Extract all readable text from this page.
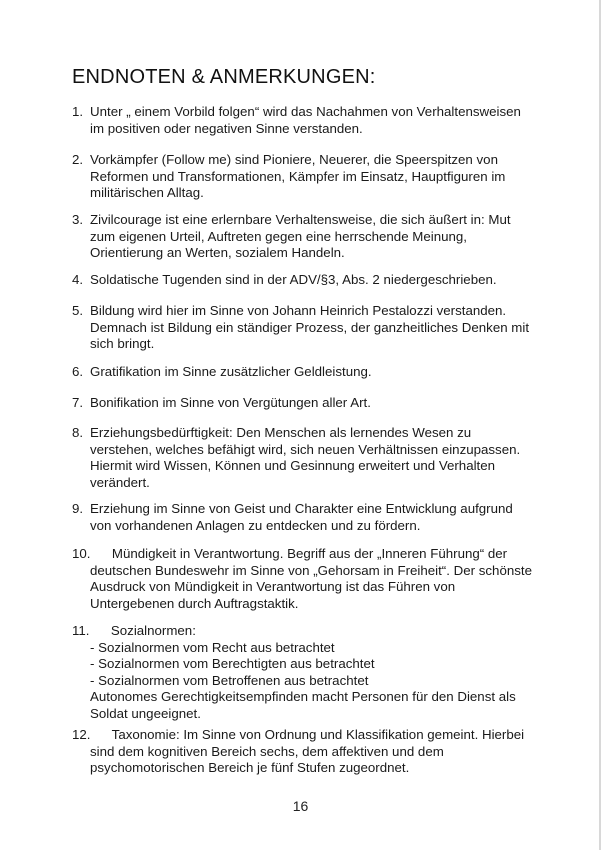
ENDNOTEN & ANMERKUNGEN:
1. Unter „ einem Vorbild folgen“ wird das Nachahmen von Verhaltensweisen
im positiven oder negativen Sinne verstanden.
2. Vorkämpfer (Follow me) sind Pioniere, Neuerer, die Speerspitzen von
Reformen und Transformationen, Kämpfer im Einsatz, Hauptfiguren im
militärischen Alltag.
3. Zivilcourage ist eine erlernbare Verhaltensweise, die sich äußert in: Mut
zum eigenen Urteil, Auftreten gegen eine herrschende Meinung,
Orientierung an Werten, sozialem Handeln.
4. Soldatische Tugenden sind in der ADV/§3, Abs. 2 niedergeschrieben.
5. Bildung wird hier im Sinne von Johann Heinrich Pestalozzi verstanden.
Demnach ist Bildung ein ständiger Prozess, der ganzheitliches Denken mit
sich bringt.
6. Gratifikation im Sinne zusätzlicher Geldleistung.
7. Bonifikation im Sinne von Vergütungen aller Art.
8. Erziehungsbedürftigkeit: Den Menschen als lernendes Wesen zu
verstehen, welches befähigt wird, sich neuen Verhältnissen einzupassen.
Hiermit wird Wissen, Können und Gesinnung erweitert und Verhalten
verändert.
9. Erziehung im Sinne von Geist und Charakter eine Entwicklung aufgrund
von vorhandenen Anlagen zu entdecken und zu fördern.
10. Mündigkeit in Verantwortung. Begriff aus der „Inneren Führung“ der
deutschen Bundeswehr im Sinne von „Gehorsam in Freiheit“. Der schönste
Ausdruck von Mündigkeit in Verantwortung ist das Führen von
Untergebenen durch Auftragstaktik.
11. Sozialnormen:
- Sozialnormen vom Recht aus betrachtet
- Sozialnormen vom Berechtigten aus betrachtet
- Sozialnormen vom Betroffenen aus betrachtet
Autonomes Gerechtigkeitsempfinden macht Personen für den Dienst als
Soldat ungeeignet.
12. Taxonomie: Im Sinne von Ordnung und Klassifikation gemeint. Hierbei
sind dem kognitiven Bereich sechs, dem affektiven und dem
psychomotorischen Bereich je fünf Stufen zugeordnet.
16
